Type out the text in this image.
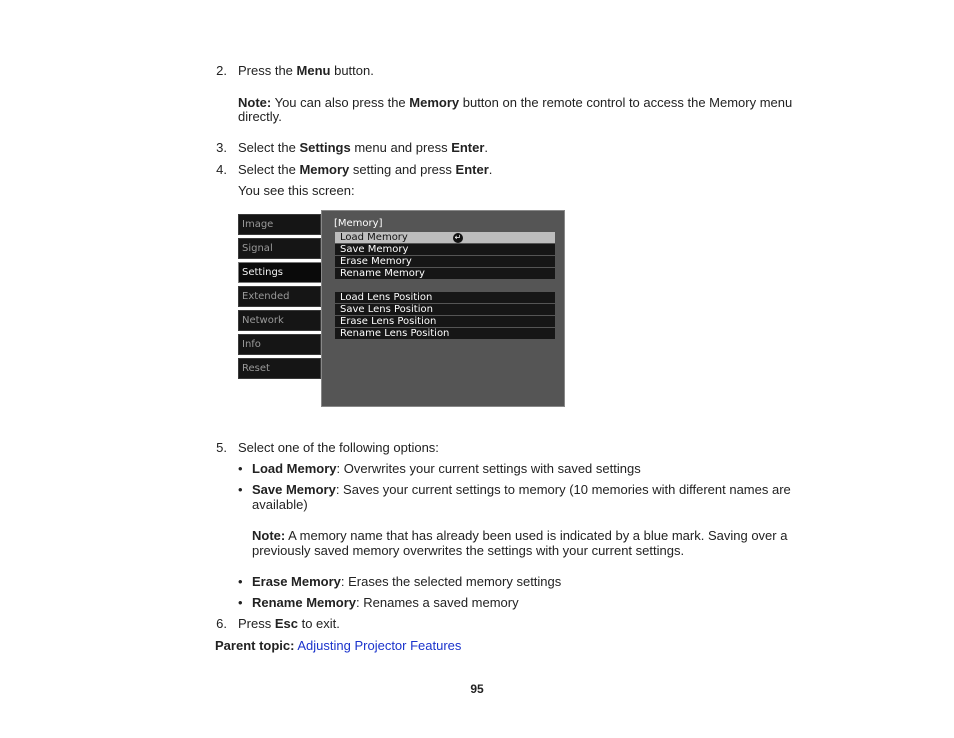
2. Press the Menu button.
Note: You can also press the Memory button on the remote control to access the Memory menu
directly.
3. Select the Settings menu and press Enter.
4. Select the Memory setting and press Enter.
You see this screen:
Image
Signal
Settings
Extended
Network
Info
Reset
[Memory]
Load Memory	↵
Save Memory
Erase Memory
Rename Memory
Load Lens Position
Save Lens Position
Erase Lens Position
Rename Lens Position
5. Select one of the following options:
• Load Memory: Overwrites your current settings with saved settings
• Save Memory: Saves your current settings to memory (10 memories with different names are
available)
Note: A memory name that has already been used is indicated by a blue mark. Saving over a
previously saved memory overwrites the settings with your current settings.
• Erase Memory: Erases the selected memory settings
• Rename Memory: Renames a saved memory
6. Press Esc to exit.
Parent topic: Adjusting Projector Features
95
